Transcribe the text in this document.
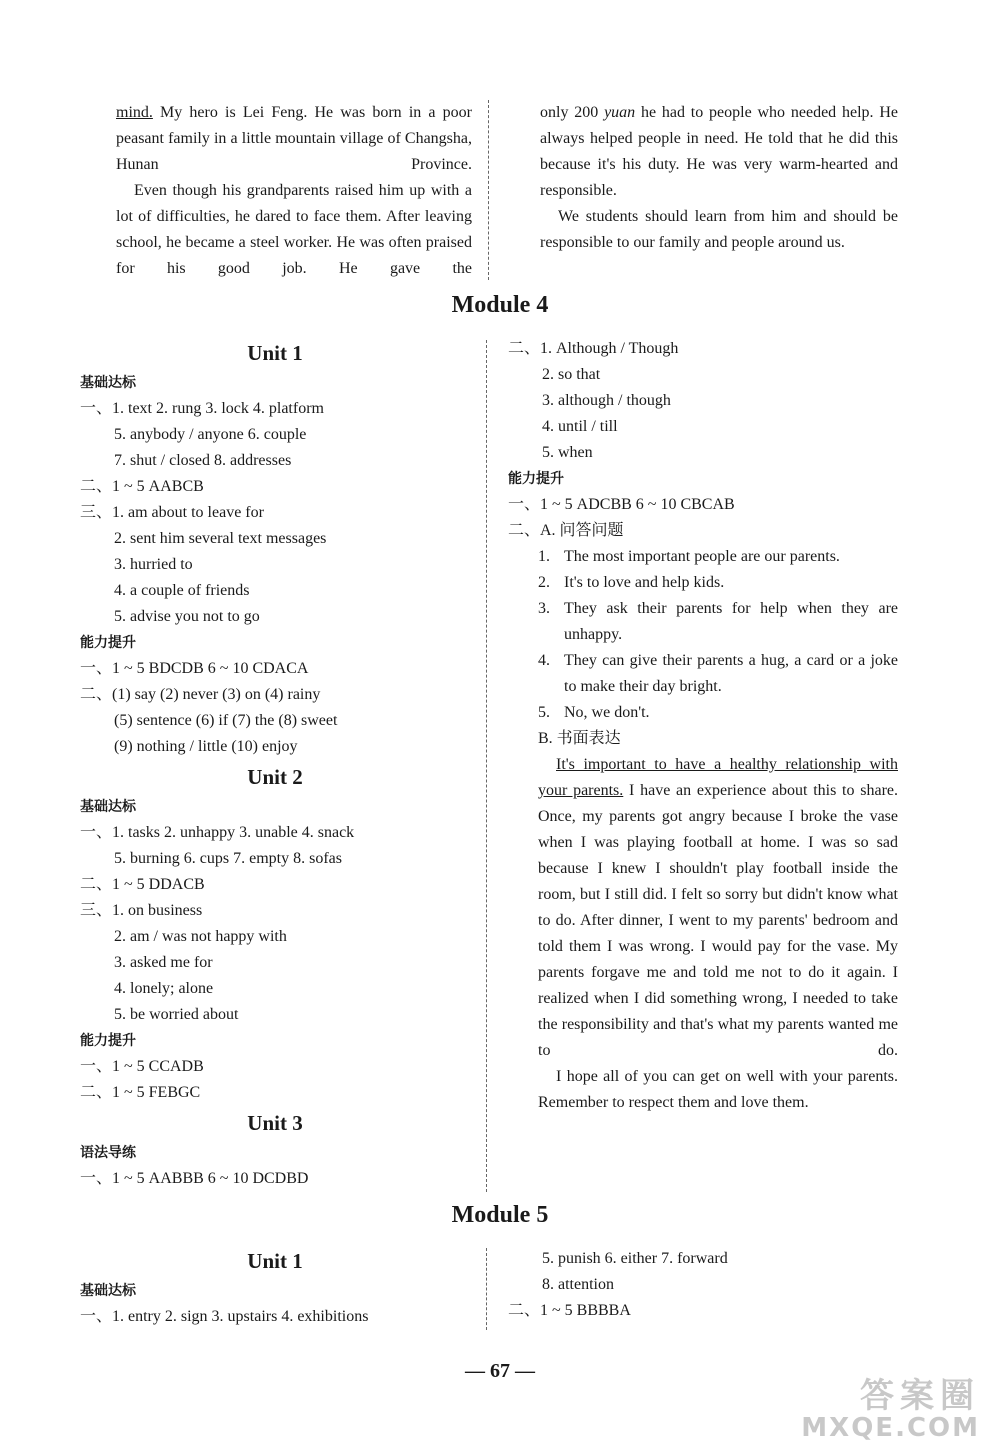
mind. My hero is Lei Feng. He was born in a poor peasant family in a little mountain village of Changsha, Hunan Province.
Even though his grandparents raised him up with a lot of difficulties, he dared to face them. After leaving school, he became a steel worker. He was often praised for his good job. He gave the
only 200 yuan he had to people who needed help. He always helped people in need. He told that he did this because it's his duty. He was very warm-hearted and responsible.
We students should learn from him and should be responsible to our family and people around us.
Module 4
Unit 1
基础达标
一、1. text 2. rung 3. lock 4. platform
5. anybody / anyone 6. couple
7. shut / closed 8. addresses
二、1 ~ 5 AABCB
三、1. am about to leave for
2. sent him several text messages
3. hurried to
4. a couple of friends
5. advise you not to go
能力提升
一、1 ~ 5 BDCDB 6 ~ 10 CDACA
二、(1) say (2) never (3) on (4) rainy
(5) sentence (6) if (7) the (8) sweet
(9) nothing / little (10) enjoy
Unit 2
基础达标
一、1. tasks 2. unhappy 3. unable 4. snack
5. burning 6. cups 7. empty 8. sofas
二、1 ~ 5 DDACB
三、1. on business
2. am / was not happy with
3. asked me for
4. lonely; alone
5. be worried about
能力提升
一、1 ~ 5 CCADB
二、1 ~ 5 FEBGC
Unit 3
语法导练
一、1 ~ 5 AABBB 6 ~ 10 DCDBD
二、1. Although / Though
2. so that
3. although / though
4. until / till
5. when
能力提升
一、1 ~ 5 ADCBB 6 ~ 10 CBCAB
二、A. 问答问题
1. The most important people are our parents.
2. It's to love and help kids.
3. They ask their parents for help when they are unhappy.
4. They can give their parents a hug, a card or a joke to make their day bright.
5. No, we don't.
B. 书面表达
It's important to have a healthy relationship with your parents. I have an experience about this to share. Once, my parents got angry because I broke the vase when I was playing football at home. I was so sad because I knew I shouldn't play football inside the room, but I still did. I felt so sorry but didn't know what to do. After dinner, I went to my parents' bedroom and told them I was wrong. I would pay for the vase. My parents forgave me and told me not to do it again. I realized when I did something wrong, I needed to take the responsibility and that's what my parents wanted me to do.
I hope all of you can get on well with your parents. Remember to respect them and love them.
Module 5
Unit 1
基础达标
一、1. entry 2. sign 3. upstairs 4. exhibitions
5. punish 6. either 7. forward
8. attention
二、1 ~ 5 BBBBA
— 67 —
答案圈
MXQE.COM
